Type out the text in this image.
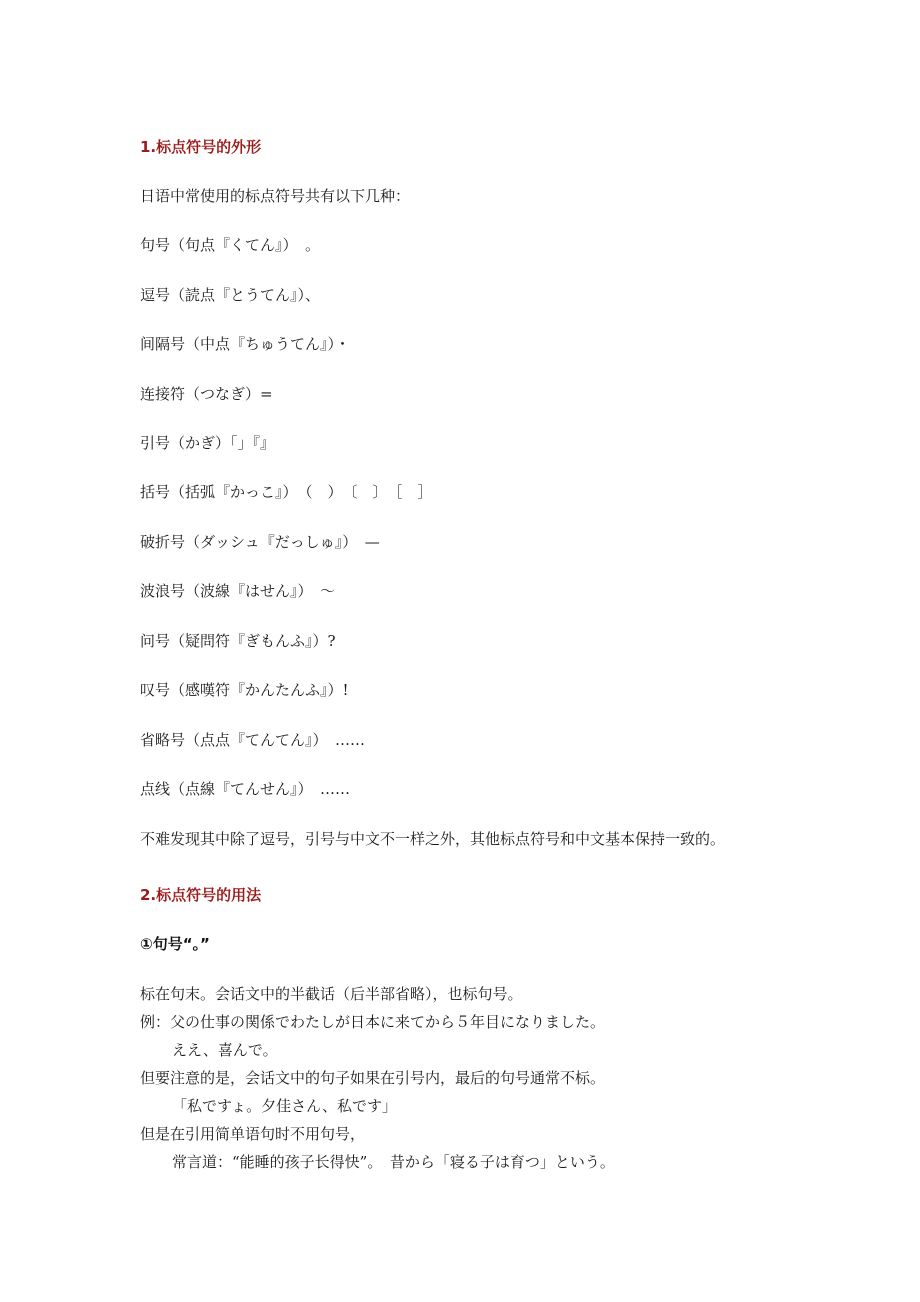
1.标点符号的外形

日语中常使用的标点符号共有以下几种：

句号（句点『くてん』）　。

逗号（読点『とうてん』）、

间隔号（中点『ちゅうてん』）・

连接符（つなぎ）=

引号（かぎ）「」『』

括号（括弧『かっこ』）　（　）　〔　〕　［　］

破折号（ダッシュ『だっしゅ』）　—

波浪号（波線『はせん』）　～

问号（疑問符『ぎもんふ』）?

叹号（感嘆符『かんたんふ』）!

省略号（点点『てんてん』）　……

点线（点線『てんせん』）　……

不难发现其中除了逗号，引号与中文不一样之外，其他标点符号和中文基本保持一致的。

2.标点符号的用法

①句号“。”

标在句末。会话文中的半截话（后半部省略），也标句号。

例：父の仕事の関係でわたしが日本に来てから５年目になりました。

ええ、喜んで。

但要注意的是，会话文中的句子如果在引号内，最后的句号通常不标。

「私ですょ。夕佳さん、私です」

但是在引用简单语句时不用句号，

常言道：“能睡的孩子长得快”。　昔から「寝る子は育つ」という。
